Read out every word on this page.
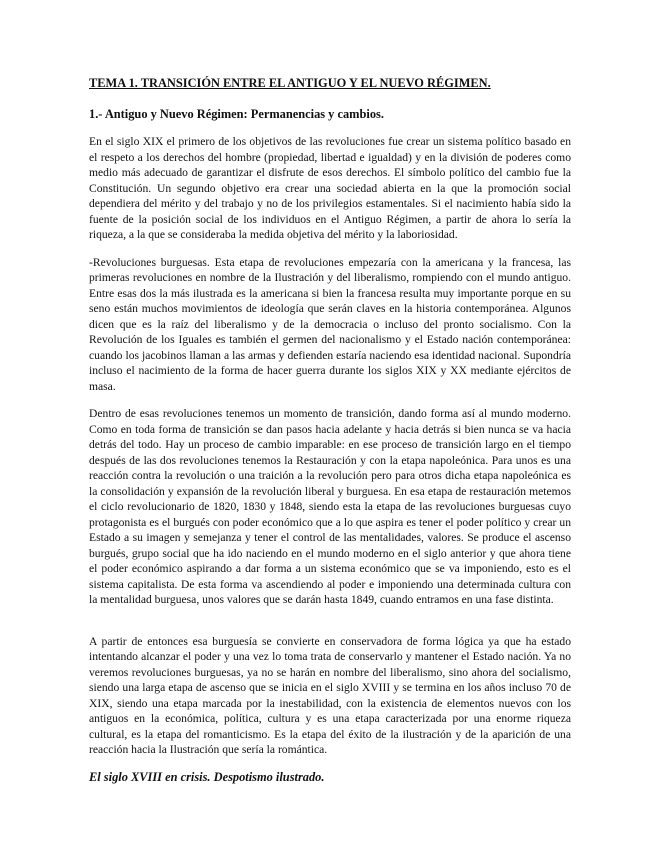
TEMA 1. TRANSICIÓN ENTRE EL ANTIGUO Y EL NUEVO RÉGIMEN.
1.- Antiguo y Nuevo Régimen: Permanencias y cambios.

En el siglo XIX el primero de los objetivos de las revoluciones fue crear un sistema político basado en el respeto a los derechos del hombre (propiedad, libertad e igualdad) y en la división de poderes como medio más adecuado de garantizar el disfrute de esos derechos. El símbolo político del cambio fue la Constitución. Un segundo objetivo era crear una sociedad abierta en la que la promoción social dependiera del mérito y del trabajo y no de los privilegios estamentales. Si el nacimiento había sido la fuente de la posición social de los individuos en el Antiguo Régimen, a partir de ahora lo sería la riqueza, a la que se consideraba la medida objetiva del mérito y la laboriosidad.

-Revoluciones burguesas. Esta etapa de revoluciones empezaría con la americana y la francesa, las primeras revoluciones en nombre de la Ilustración y del liberalismo, rompiendo con el mundo antiguo. Entre esas dos la más ilustrada es la americana si bien la francesa resulta muy importante porque en su seno están muchos movimientos de ideología que serán claves en la historia contemporánea. Algunos dicen que es la raíz del liberalismo y de la democracia o incluso del pronto socialismo. Con la Revolución de los Iguales es también el germen del nacionalismo y el Estado nación contemporánea: cuando los jacobinos llaman a las armas y defienden estaría naciendo esa identidad nacional. Supondría incluso el nacimiento de la forma de hacer guerra durante los siglos XIX y XX mediante ejércitos de masa.

Dentro de esas revoluciones tenemos un momento de transición, dando forma así al mundo moderno. Como en toda forma de transición se dan pasos hacia adelante y hacia detrás si bien nunca se va hacia detrás del todo. Hay un proceso de cambio imparable: en ese proceso de transición largo en el tiempo después de las dos revoluciones tenemos la Restauración y con la etapa napoleónica. Para unos es una reacción contra la revolución o una traición a la revolución pero para otros dicha etapa napoleónica es la consolidación y expansión de la revolución liberal y burguesa. En esa etapa de restauración metemos el ciclo revolucionario de 1820, 1830 y 1848, siendo esta la etapa de las revoluciones burguesas cuyo protagonista es el burgués con poder económico que a lo que aspira es tener el poder político y crear un Estado a su imagen y semejanza y tener el control de las mentalidades, valores. Se produce el ascenso burgués, grupo social que ha ido naciendo en el mundo moderno en el siglo anterior y que ahora tiene el poder económico aspirando a dar forma a un sistema económico que se va imponiendo, esto es el sistema capitalista. De esta forma va ascendiendo al poder e imponiendo una determinada cultura con la mentalidad burguesa, unos valores que se darán hasta 1849, cuando entramos en una fase distinta.

A partir de entonces esa burguesía se convierte en conservadora de forma lógica ya que ha estado intentando alcanzar el poder y una vez lo toma trata de conservarlo y mantener el Estado nación. Ya no veremos revoluciones burguesas, ya no se harán en nombre del liberalismo, sino ahora del socialismo, siendo una larga etapa de ascenso que se inicia en el siglo XVIII y se termina en los años incluso 70 de XIX, siendo una etapa marcada por la inestabilidad, con la existencia de elementos nuevos con los antiguos en la económica, política, cultura y es una etapa caracterizada por una enorme riqueza cultural, es la etapa del romanticismo. Es la etapa del éxito de la ilustración y de la aparición de una reacción hacia la Ilustración que sería la romántica.

El siglo XVIII en crisis. Despotismo ilustrado.
